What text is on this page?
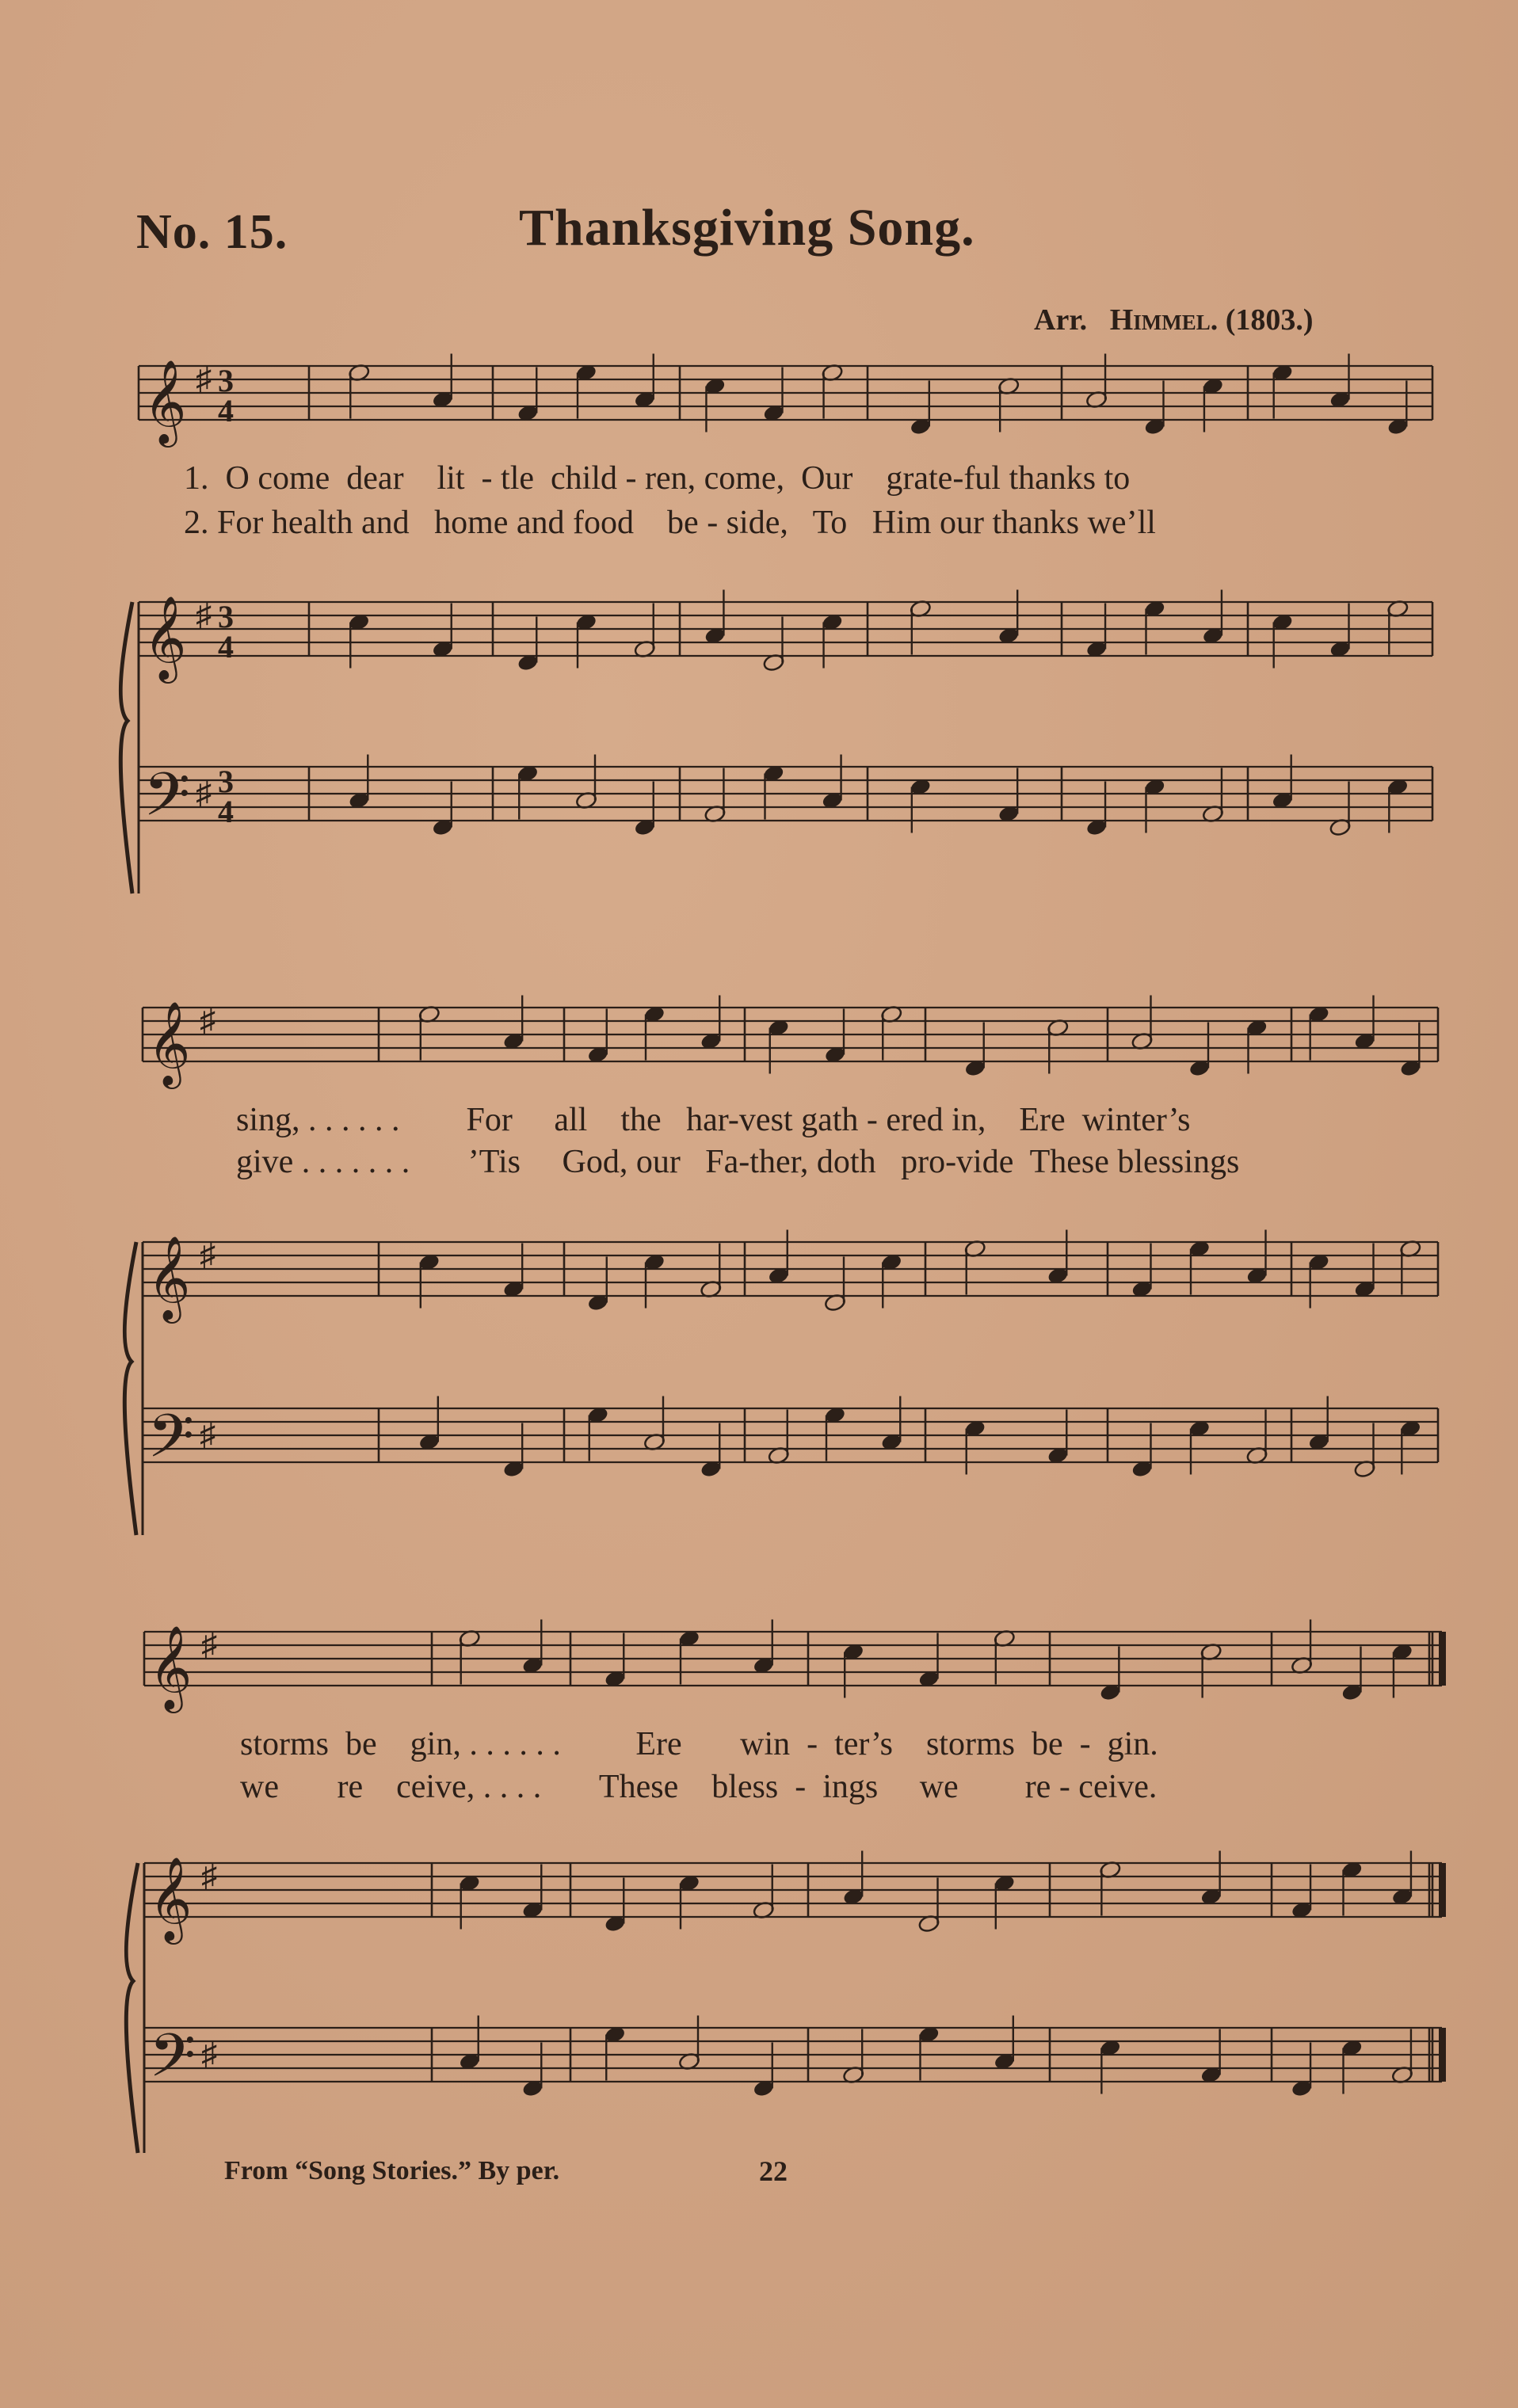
No. 15.	Thanksgiving Song.
Arr. Himmel. (1803.)
𝄞 ♯ 3
4
𝄞 ♯ 3
4
𝄢 ♯ 3
4
𝄞 ♯
𝄞 ♯
𝄢 ♯
𝄞 ♯
𝄞 ♯
𝄢 ♯
1.  O come  dear    lit  - tle  child - ren, come,  Our    grate-ful thanks to
2. For health and   home and food    be - side,   To   Him our thanks we’ll
sing, . . . . . .        For     all    the   har-vest gath - ered in,    Ere  winter’s
give . . . . . . .       ’Tis     God, our   Fa-ther, doth   pro-vide  These blessings
storms  be    gin, . . . . . .         Ere       win  -  ter’s    storms  be  -  gin.
we       re    ceive, . . . .       These    bless  -  ings     we        re - ceive.
From “Song Stories.” By per.	22
